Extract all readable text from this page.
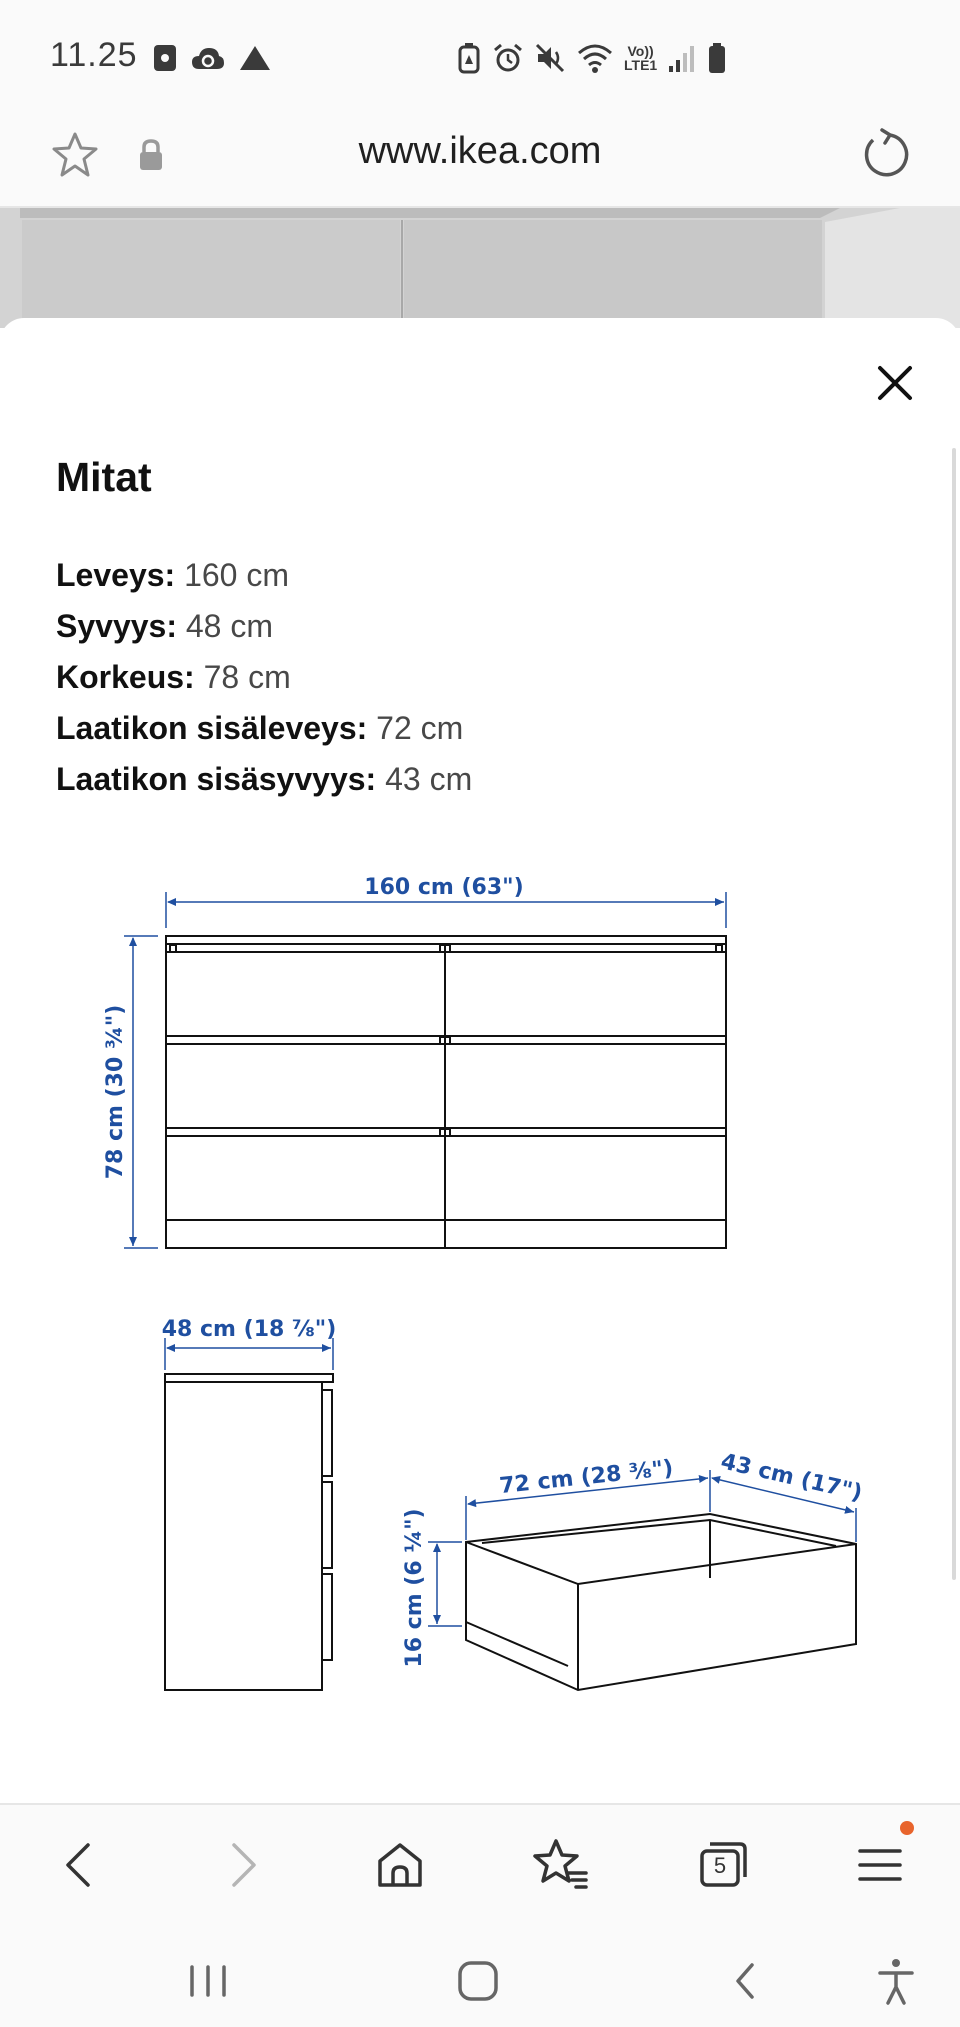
11.25	Vo))
LTE1
www.ikea.com
Mitat
Leveys: 160 cm
Syvyys: 48 cm
Korkeus: 78 cm
Laatikon sisäleveys: 72 cm
Laatikon sisäsyvyys: 43 cm
160 cm (63")
78 cm (30 ¾")
48 cm (18 ⅞")
72 cm (28 ⅜") 43 cm (17")
16 cm (6 ¼")
5
